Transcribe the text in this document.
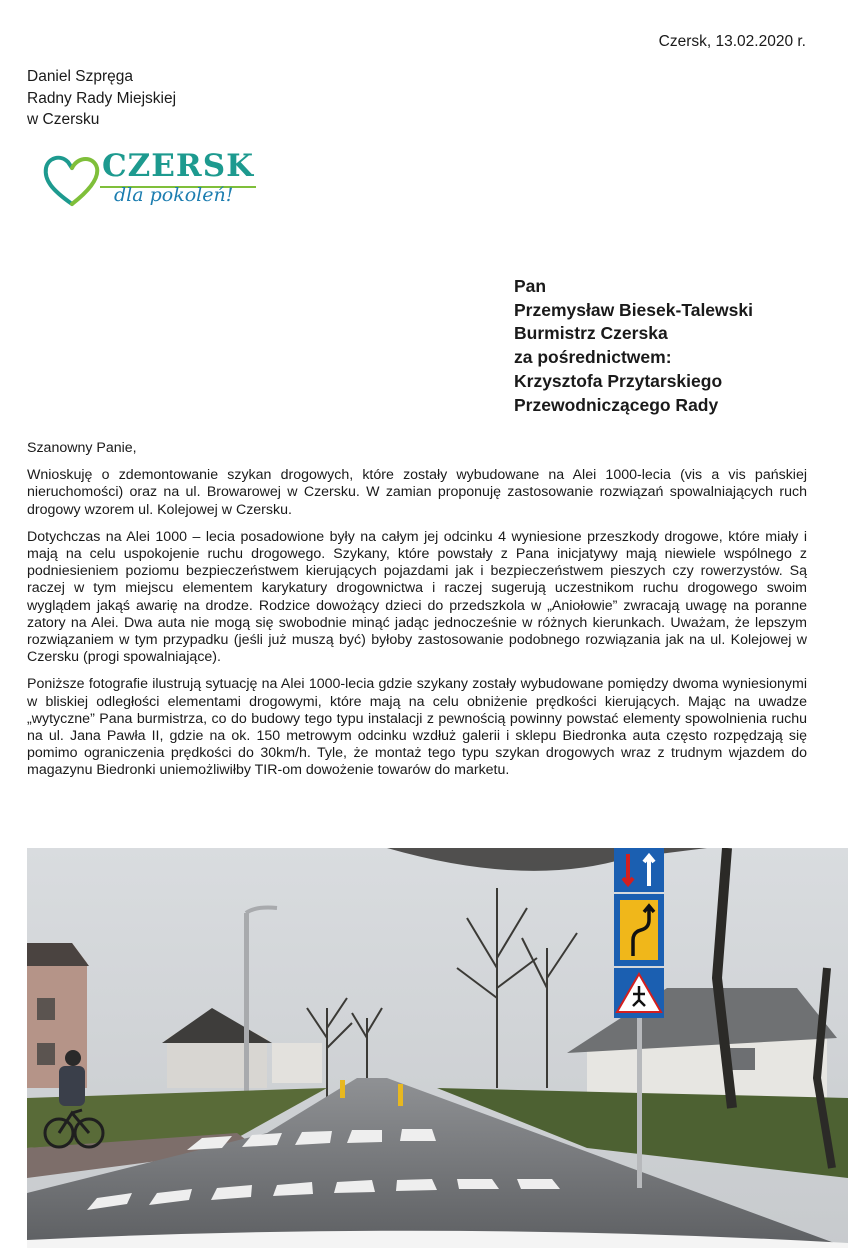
Czersk, 13.02.2020 r.
Daniel Szpręga
Radny Rady Miejskiej
w Czersku
CZERSK
dla pokoleń!
Pan
Przemysław Biesek-Talewski
Burmistrz Czerska
za pośrednictwem:
Krzysztofa Przytarskiego
Przewodniczącego Rady

Szanowny Panie,

Wnioskuję o zdemontowanie szykan drogowych, które zostały wybudowane na Alei 1000-lecia (vis a vis pańskiej nieruchomości) oraz na ul. Browarowej w Czersku. W zamian proponuję zastosowanie rozwiązań spowalniających ruch drogowy wzorem ul. Kolejowej w Czersku.

Dotychczas na Alei 1000 – lecia posadowione były na całym jej odcinku 4 wyniesione przeszkody drogowe, które miały i mają na celu uspokojenie ruchu drogowego. Szykany, które powstały z Pana inicjatywy mają niewiele wspólnego z podniesieniem poziomu bezpieczeństwem kierujących pojazdami jak i bezpieczeństwem pieszych czy rowerzystów. Są raczej w tym miejscu elementem karykatury drogownictwa i raczej sugerują uczestnikom ruchu drogowego swoim wyglądem jakąś awarię na drodze. Rodzice dowożący dzieci do przedszkola w „Aniołowie” zwracają uwagę na poranne zatory na Alei. Dwa auta nie mogą się swobodnie minąć jadąc jednocześnie w różnych kierunkach. Uważam, że lepszym rozwiązaniem w tym przypadku (jeśli już muszą być) byłoby zastosowanie podobnego rozwiązania jak na ul. Kolejowej w Czersku (progi spowalniające).

Poniższe fotografie ilustrują sytuację na Alei 1000-lecia gdzie szykany zostały wybudowane pomiędzy dwoma wyniesionymi w bliskiej odległości elementami drogowymi, które mają na celu obniżenie prędkości kierujących. Mając na uwadze „wytyczne” Pana burmistrza, co do budowy tego typu instalacji z pewnością powinny powstać elementy spowolnienia ruchu na ul. Jana Pawła II, gdzie na ok. 150 metrowym odcinku wzdłuż galerii i sklepu Biedronka auta często rozpędzają się pomimo ograniczenia prędkości do 30km/h. Tyle, że montaż tego typu szykan drogowych wraz z trudnym wjazdem do magazynu Biedronki uniemożliwiłby TIR-om dowożenie towarów do marketu.
